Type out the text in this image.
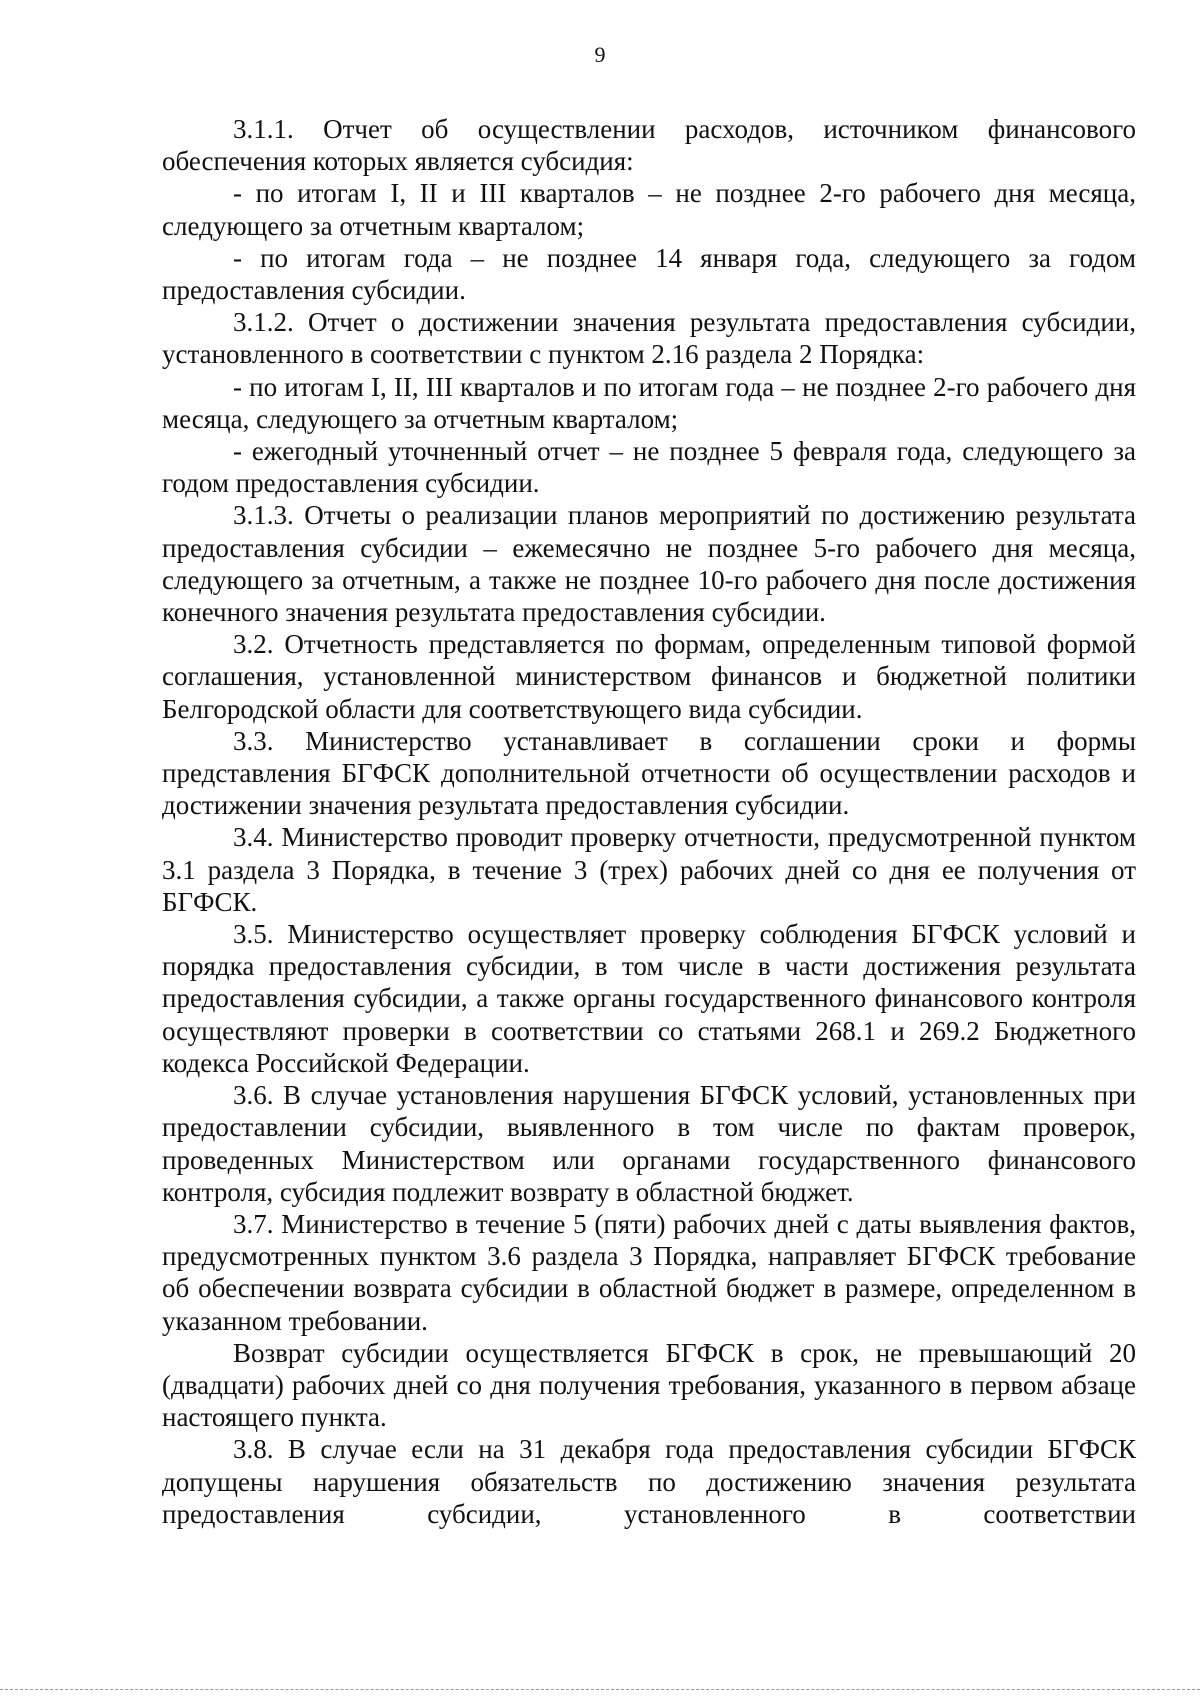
9

3.1.1. Отчет об осуществлении расходов, источником финансового обеспечения которых является субсидия:

- по итогам I, II и III кварталов – не позднее 2-го рабочего дня месяца, следующего за отчетным кварталом;

- по итогам года – не позднее 14 января года, следующего за годом предоставления субсидии.

3.1.2. Отчет о достижении значения результата предоставления субсидии, установленного в соответствии с пунктом 2.16 раздела 2 Порядка:

- по итогам I, II, III кварталов и по итогам года – не позднее 2-го рабочего дня месяца, следующего за отчетным кварталом;

- ежегодный уточненный отчет – не позднее 5 февраля года, следующего за годом предоставления субсидии.

3.1.3. Отчеты о реализации планов мероприятий по достижению результата предоставления субсидии – ежемесячно не позднее 5-го рабочего дня месяца, следующего за отчетным, а также не позднее 10-го рабочего дня после достижения конечного значения результата предоставления субсидии.

3.2. Отчетность представляется по формам, определенным типовой формой соглашения, установленной министерством финансов и бюджетной политики Белгородской области для соответствующего вида субсидии.

3.3. Министерство устанавливает в соглашении сроки и формы представления БГФСК дополнительной отчетности об осуществлении расходов и достижении значения результата предоставления субсидии.

3.4. Министерство проводит проверку отчетности, предусмотренной пунктом 3.1 раздела 3 Порядка, в течение 3 (трех) рабочих дней со дня ее получения от БГФСК.

3.5. Министерство осуществляет проверку соблюдения БГФСК условий и порядка предоставления субсидии, в том числе в части достижения результата предоставления субсидии, а также органы государственного финансового контроля осуществляют проверки в соответствии со статьями 268.1 и 269.2 Бюджетного кодекса Российской Федерации.

3.6. В случае установления нарушения БГФСК условий, установленных при предоставлении субсидии, выявленного в том числе по фактам проверок, проведенных Министерством или органами государственного финансового контроля, субсидия подлежит возврату в областной бюджет.

3.7. Министерство в течение 5 (пяти) рабочих дней с даты выявления фактов, предусмотренных пунктом 3.6 раздела 3 Порядка, направляет БГФСК требование об обеспечении возврата субсидии в областной бюджет в размере, определенном в указанном требовании.

Возврат субсидии осуществляется БГФСК в срок, не превышающий 20 (двадцати) рабочих дней со дня получения требования, указанного в первом абзаце настоящего пункта.

3.8. В случае если на 31 декабря года предоставления субсидии БГФСК допущены нарушения обязательств по достижению значения результата предоставления субсидии, установленного в соответствии
